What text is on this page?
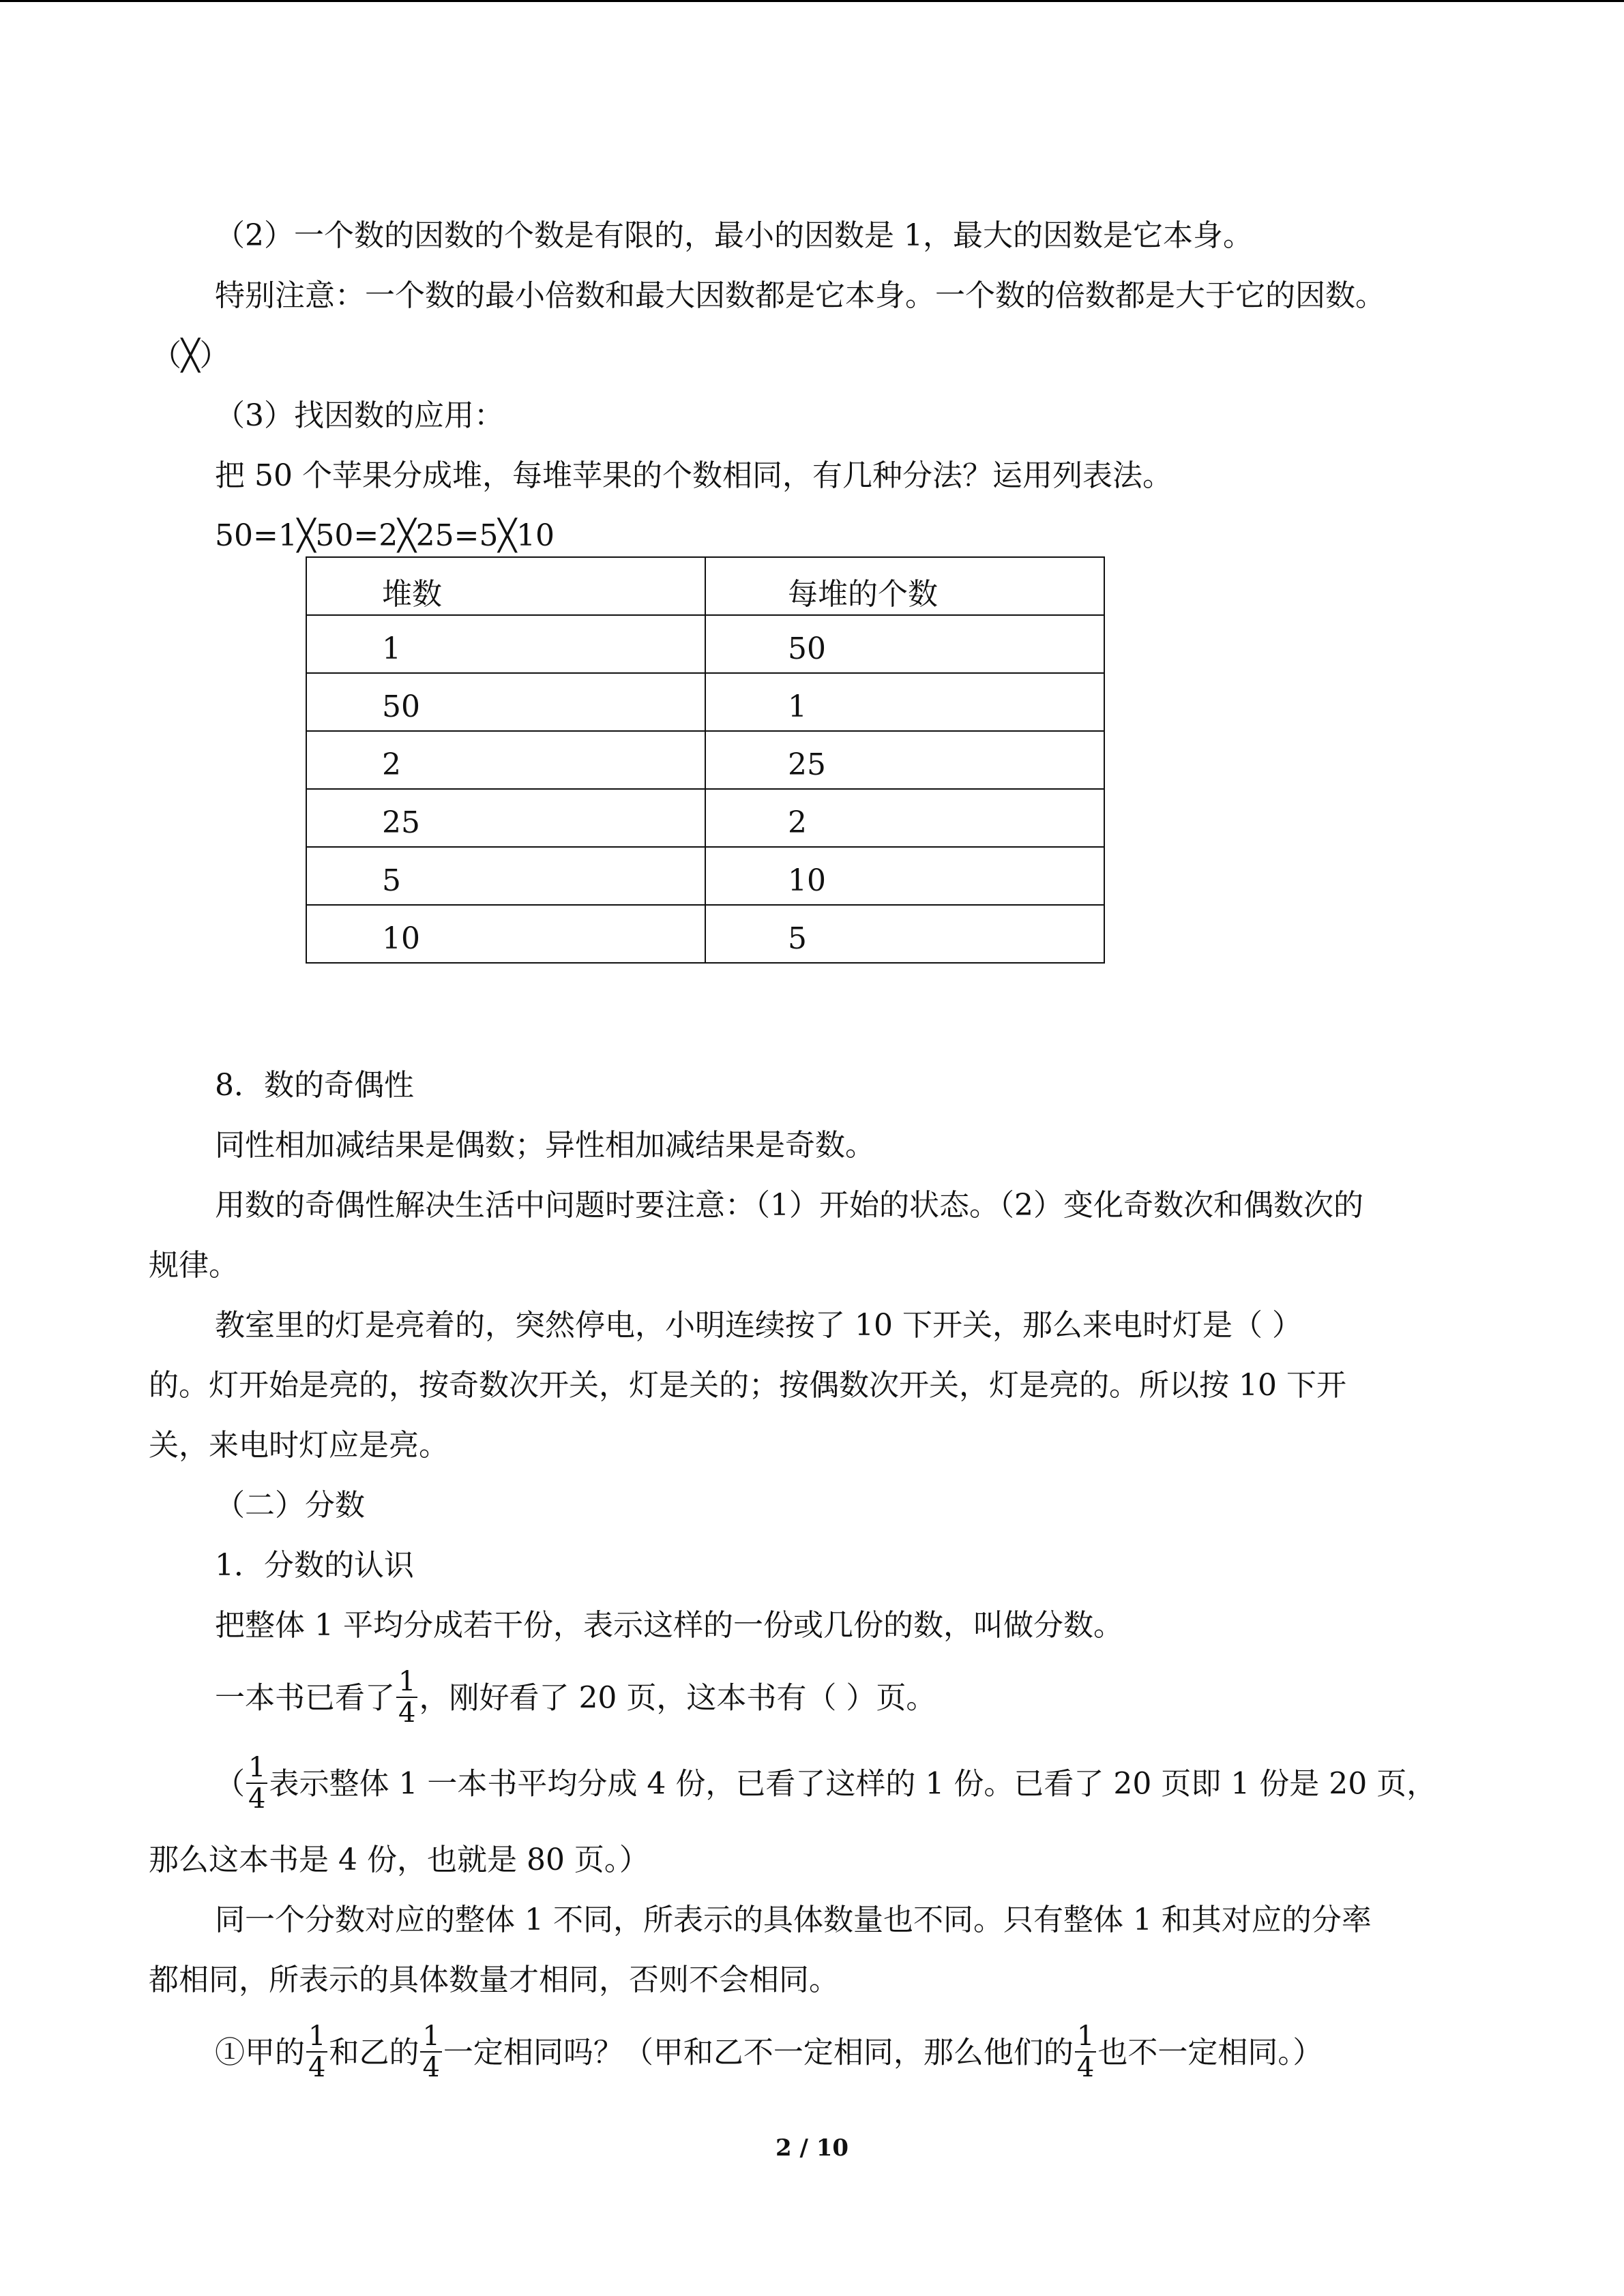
（2）一个数的因数的个数是有限的，最小的因数是 1，最大的因数是它本身。
特别注意：一个数的最小倍数和最大因数都是它本身。一个数的倍数都是大于它的因数。
（╳）
（3）找因数的应用：
把 50 个苹果分成堆，每堆苹果的个数相同，有几种分法？运用列表法。
50=1╳50=2╳25=5╳10
堆数	每堆的个数
1	50
50	1
2	25
25	2
5	10
10	5
8．数的奇偶性
同性相加减结果是偶数；异性相加减结果是奇数。
用数的奇偶性解决生活中问题时要注意：（1）开始的状态。（2）变化奇数次和偶数次的
规律。
教室里的灯是亮着的，突然停电，小明连续按了 10 下开关，那么来电时灯是（ ）
的。灯开始是亮的，按奇数次开关，灯是关的；按偶数次开关，灯是亮的。所以按 10 下开
关，来电时灯应是亮。
（二）分数
1．分数的认识
把整体 1 平均分成若干份，表示这样的一份或几份的数，叫做分数。
一本书已看了 $\frac{1}{4}$ ，刚好看了 20 页，这本书有（ ）页。
（ $\frac{1}{4}$ 表示整体 1 一本书平均分成 4 份，已看了这样的 1 份。已看了 20 页即 1 份是 20 页，
那么这本书是 4 份，也就是 80 页。）
同一个分数对应的整体 1 不同，所表示的具体数量也不同。只有整体 1 和其对应的分率
都相同，所表示的具体数量才相同，否则不会相同。
①甲的 $\frac{1}{4}$ 和乙的 $\frac{1}{4}$ 一定相同吗？（甲和乙不一定相同，那么他们的 $\frac{1}{4}$ 也不一定相同。）
2 / 10
